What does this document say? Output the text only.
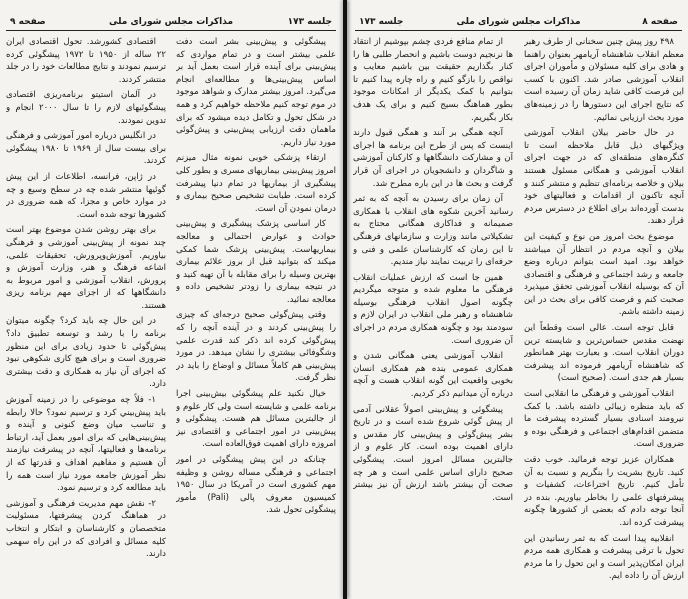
جلسه ۱۷۳
مذاکرات مجلس شورای ملی
صفحه ۹

پیشگوئی و پیش‌بینی بشر است دفت علمی بیشتر است و در تمام مواردی که پیش‌بینی برای آینده قرار است بعمل آید بر اساس پیش‌بینی‌ها و مطالعه‌ای انجام می‌گیرد. امروز بیشتر مدارک و شواهد موجود در موم توجه کنیم ملاحظه خواهیم کرد و همه در شکل تحول و تکامل دیده میشود که برای ماهمان دقت ارزیابی پیش‌بینی و پیش‌گوئی مورد نیاز داریم.

ارتقاء پزشکی خوبی نمونه مثال میزنم امروز پیش‌بینی بیماریهای مسری و بطور کلی پیشگیری از بیماریها در تمام دنیا پیشرفت کرده است. طبابت تشخیص صحیح بیماری و درمان نمودن آن است.

کار اساسی پزشک پیشگیری و پیش‌بینی حوادث و عوارض احتمالی و معالجه بیماریهاست. پیش‌بینی پزشک شما کمکی میکند که بتوانید قبل از بروز علائم بیماری بهترین وسیله را برای مقابله با آن تهیه کنید و در نتیجه بیماری را زودتر تشخیص داده و معالجه نمائید.

وقتی پیش‌گوئی صحیح درجه‌ای که چیزی را پیش‌بینی کردند و در آینده آنچه را که پیش‌گوئی کرده اند ذکر کند قدرت علمی وشگوفائی بیشتری را نشان میدهد. در مورد پیش‌بینی هم کاملاً مسائل و اوضاع را باید در نظر گرفت.

خیال نکنید علم پیشگوئی بیش‌بینی اجرا برنامه علمی و شایسته است ولی کار علوم و از جالبترین مسائل هم هست. پیشگوئی و پیش‌بینی در امور اجتماعی و اقتصادی نیز امروزه دارای اهمیت فوق‌العاده است.

چنانکه در این پیش پیشگوئی در امور اجتماعی و فرهنگی مساله روشن و وظیفه مهم کشوری است در آمریکا در سال ۱۹۵۰ کمیسیون معروف پالی (Pali) مأمور پیشگوئی تحول شد.

اقتصادی کشورشد. تحول اقتصادی ایران ۲۲ ساله از ۱۹۵۰ تا ۱۹۷۲ پیشگوئی کرده ترسیم نمودند و نتایج مطالعات خود را در جلد منتشر کردند.

در آلمان استیتو برنامه‌ریزی اقتصادی پیشگوئیهای لازم را تا سال ۲۰۰۰ انجام و تدوین نمودند.

در انگلیس درباره امور آموزشی و فرهنگی برای بیست سال از ۱۹۶۹ تا ۱۹۸۰ پیشگوئی کردند.

در ژاپن، فرانسه، اطلاعات از این پیش گوئیها منتشر شده چه در سطح وسیع و چه در موارد خاص و مجزا، که همه ضروری در کشورها توجه شده است.

برای بهتر روشن شدن موضوع بهتر است چند نمونه از پیش‌بینی آموزشی و فرهنگی بیاوریم. آموزش‌وپرورش، تحقیقات علمی، اشاعه فرهنگ و هنر، وزارت آموزش و پرورش، انقلاب آموزشی و امور مربوط به دانشگاهها که از اجزای مهم برنامه ریزی هستند.

در این حال چه باید کرد؟ چگونه میتوان برنامه را با رشد و توسعه تطبیق داد؟ پیش‌گوئی تا حدود زیادی برای این منظور ضروری است و برای هیچ کاری شکوهی نبود که اجرای آن نیاز به همکاری و دقت بیشتری دارد.

۱- فلاً چه موضوعی را در زمینه آموزش بايد پيش‌بيني كرد و ترسيم نمود؟ حالا رابطه و تناسب میان وضع کنونی و آینده و پیش‌بینی‌هایی که برای امور بعمل آید، ارتباط برنامه‌ها و فعالیتها، آنچه در پیشرفت نیازمند آن هستیم و مفاهیم اهداف و قدرتها که از نظر آموزش جامعه مورد نیاز است همه را باید مطالعه کرد و ترسیم نمود.

۲- نقش مهم مدیریت فرهنگی و آموزشی در هماهنگ کردن پیشرفتها، مسئولیت متخصصان و کارشناسان و ابتکار و انتخاب کلیه مسائل و افرادی که در این راه سهمی دارند.

جلسه ۱۷۳	مذاکرات مجلس شورای ملی	صفحه ۸

۴۹۸ روز پیش چنین سخنانی از طرف رهبر معظم انقلاب شاهنشاه آریامهر بعنوان راهنما و هادی برای کلیه مسئولان و مأموران اجرای انقلاب آموزشی صادر شد. اکنون با کسب این فرصت کافی شاید زمان آن رسیده است که نتایج اجرای این دستورها را در زمینه‌های مورد بحث ارزیابی نمائیم.

در حال حاضر بیلان انقلاب آموزشی ویژگیهای ذیل قابل ملاحظه است تا کنگره‌های منطقه‌ای که در جهت اجرای انقلاب آموزشی و همگانی مسئول هستند بیلان و خلاصه برنامه‌ای تنظیم و منتشر کنند و آنچه تاکنون از اقدامات و فعالیتهای خود بدست آورده‌اند برای اطلاع در دسترس مردم قرار دهند.

موضوع بحث امروز من نوع و کیفیت این بیلان و آنچه مردم در انتظار آن میباشند خواهد بود. امید است بتوانم درباره وضع جامعه و رشد اجتماعی و فرهنگی و اقتصادی آن که بوسیله انقلاب آموزشی تحقق میپذیرد صحبت کنم و فرصت کافی برای بحث در این زمینه داشته باشم.

قابل توجه است. عالی است وقطعاً این نهضت مقدس حساس‌ترین و شایسته ترین دوران انقلاب است. و بعبارت بهتر همانطور که شاهنشاه آریامهر فرموده اند پیشرفت بسیار هم جدی است. (صحیح است)

انقلاب آموزشی و فرهنگی ما انقلابی است که باید منظره زیبائی داشته باشد. با کمک نیرومند اسنادی بسیار گسترده پیشرفت ما متضمن اقدام‌های اجتماعی و فرهنگی بوده و ضروری است.

همکاران عزیز توجه فرمائید. خوب دقت کنید. تاریخ بشریت را بنگریم و نسبت به آن تأمل کنیم. تاریخ اختراعات، کشفیات و پیشرفتهای علمی را بخاطر بیاوریم. بنده در آنجا توجه دادم که بعضی از کشورها چگونه پیشرفت کرده اند.

انقلابیه پیدا است که به ثمر رسانیدن این تحول با ترقی پیشرفت و همکاری همه مردم ایران امکان‌پذیر است و این تحول را ما مردم ارزش آن را داده ایم.

از تمام منافع فردی چشم بپوشیم از انتقاد ها نرنجیم دوست باشیم و انحصار طلبی ها را کنار بگذاریم حقیقت بین باشیم معایب و نواقص را بازگو کنیم و راه چاره پیدا کنیم تا بتوانیم با کمک یکدیگر از امکانات موجود بطور هماهنگ بسیج کنیم و برای یک هدف بکار بگیریم.

آنچه همگی بر آنند و همگی قبول دارند اینست که پس از طرح این برنامه ها اجرای آن و مشارکت دانشگاهها و کارکنان آموزشی و شاگردان و دانشجویان در اجرای آن قرار گرفت و بحث ها در این باره مطرح شد.

آن زمان برای رسیدن به آنچه که به ثمر رسانید آخرین شکوه های انقلاب با همکاری صمیمانه و فداکاری همگانی محتاج به تشکیلاتی مانند وزارت و سازمانهای فرهنگی تا این زمان که کارشناسان علمی و فنی و حرفه‌ای را تربیت نمایند نیاز مندیم.

همین جا است که ارزش عملیات انقلاب فرهنگی ما معلوم شده و متوجه میگردیم چگونه اصول انقلاب فرهنگی بوسیله شاهنشاه و رهبر ملی انقلاب در ایران لازم و سودمند بود و چگونه همکاری مردم در اجرای آن ضروری است.

انقلاب آموزشی یعنی همگانی شدن و همکاری عمومی بنده هم همکاری انسان بخوبی واقعیت این گونه انقلاب هست و آنچه درباره آن میدانیم ذکر کردیم.

پیشگوئی و پیش‌بینی اصولاً عقلانی آدمی از پیش گوئی شروع شده است و در تاریخ بشر پیش‌گوئی و پیش‌بینی کار مقدس و دارای اهمیت بوده است. کار علوم و از جالبترین مسائل امروز است. پیشگوئی صحیح دارای اساس علمی است و هر چه صحت آن بیشتر باشد ارزش آن نیز بیشتر است.
